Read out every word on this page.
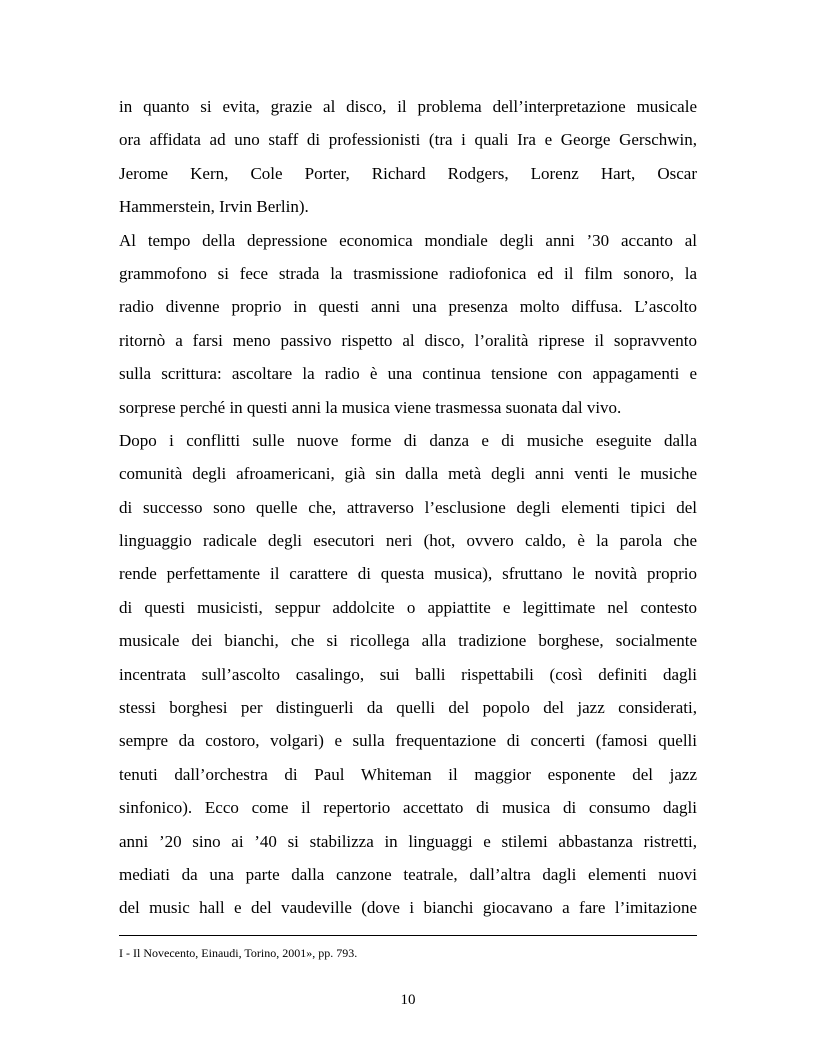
in quanto si evita, grazie al disco, il problema dell’interpretazione musicale
ora affidata ad uno staff di professionisti (tra i quali Ira e George Gerschwin,
Jerome Kern, Cole Porter, Richard Rodgers, Lorenz Hart, Oscar
Hammerstein, Irvin Berlin).
Al tempo della depressione economica mondiale degli anni ’30 accanto al
grammofono si fece strada la trasmissione radiofonica ed il film sonoro, la
radio divenne proprio in questi anni una presenza molto diffusa. L’ascolto
ritornò a farsi meno passivo rispetto al disco, l’oralità riprese il sopravvento
sulla scrittura: ascoltare la radio è una continua tensione con appagamenti e
sorprese perché in questi anni la musica viene trasmessa suonata dal vivo.
Dopo i conflitti sulle nuove forme di danza e di musiche eseguite dalla
comunità degli afroamericani, già sin dalla metà degli anni venti le musiche
di successo sono quelle che, attraverso l’esclusione degli elementi tipici del
linguaggio radicale degli esecutori neri (hot, ovvero caldo, è la parola che
rende perfettamente il carattere di questa musica), sfruttano le novità proprio
di questi musicisti, seppur addolcite o appiattite e legittimate nel contesto
musicale dei bianchi, che si ricollega alla tradizione borghese, socialmente
incentrata sull’ascolto casalingo, sui balli rispettabili (così definiti dagli
stessi borghesi per distinguerli da quelli del popolo del jazz considerati,
sempre da costoro, volgari) e sulla frequentazione di concerti (famosi quelli
tenuti dall’orchestra di Paul Whiteman il maggior esponente del jazz
sinfonico). Ecco come il repertorio accettato di musica di consumo dagli
anni ’20 sino ai ’40 si stabilizza in linguaggi e stilemi abbastanza ristretti,
mediati da una parte dalla canzone teatrale, dall’altra dagli elementi nuovi
del music hall e del vaudeville (dove i bianchi giocavano a fare l’imitazione
I - Il Novecento, Einaudi, Torino, 2001», pp. 793.
10
